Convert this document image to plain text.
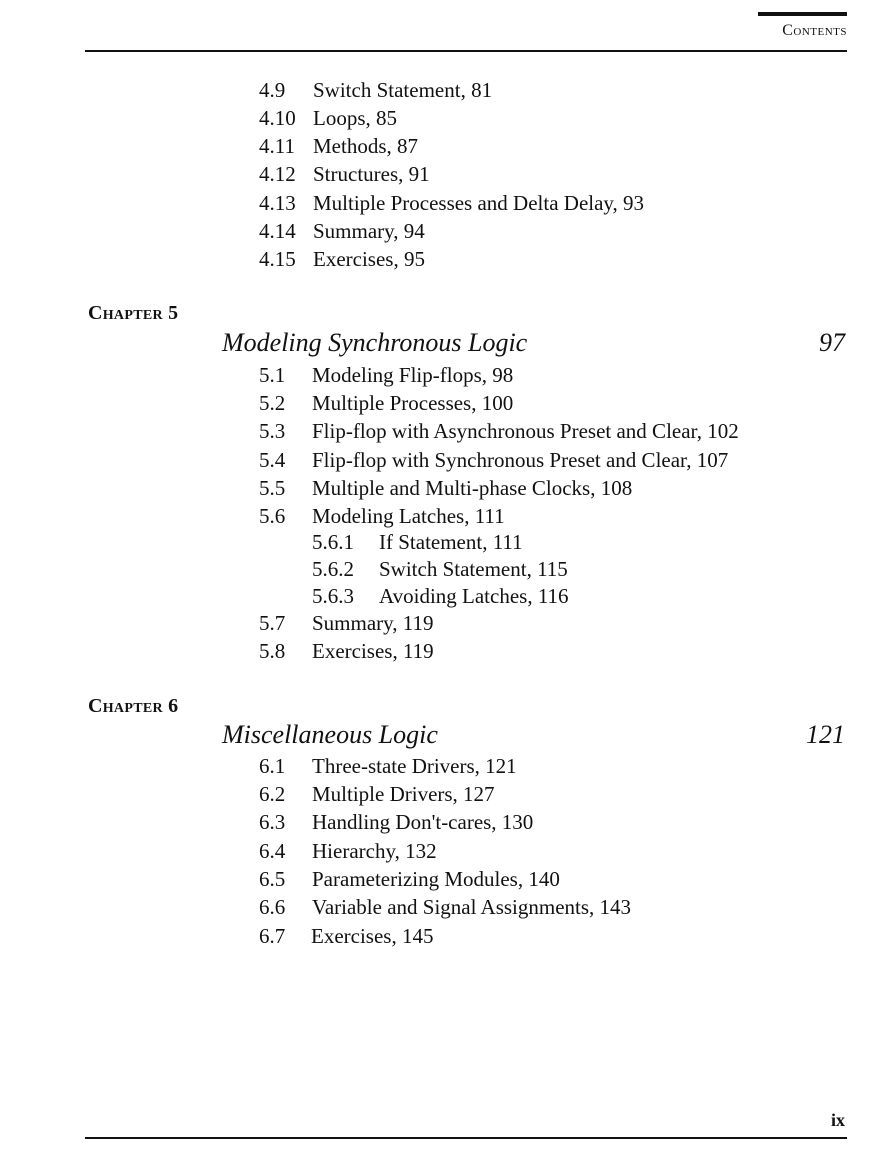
Contents
4.9 Switch Statement, 81
4.10 Loops, 85
4.11 Methods, 87
4.12 Structures, 91
4.13 Multiple Processes and Delta Delay, 93
4.14 Summary, 94
4.15 Exercises, 95
Chapter 5
Modeling Synchronous Logic	97
5.1 Modeling Flip-flops, 98
5.2 Multiple Processes, 100
5.3 Flip-flop with Asynchronous Preset and Clear, 102
5.4 Flip-flop with Synchronous Preset and Clear, 107
5.5 Multiple and Multi-phase Clocks, 108
5.6 Modeling Latches, 111
5.6.1 If Statement, 111
5.6.2 Switch Statement, 115
5.6.3 Avoiding Latches, 116
5.7 Summary, 119
5.8 Exercises, 119
Chapter 6
Miscellaneous Logic	121
6.1 Three-state Drivers, 121
6.2 Multiple Drivers, 127
6.3 Handling Don't-cares, 130
6.4 Hierarchy, 132
6.5 Parameterizing Modules, 140
6.6 Variable and Signal Assignments, 143
6.7 Exercises, 145
ix
